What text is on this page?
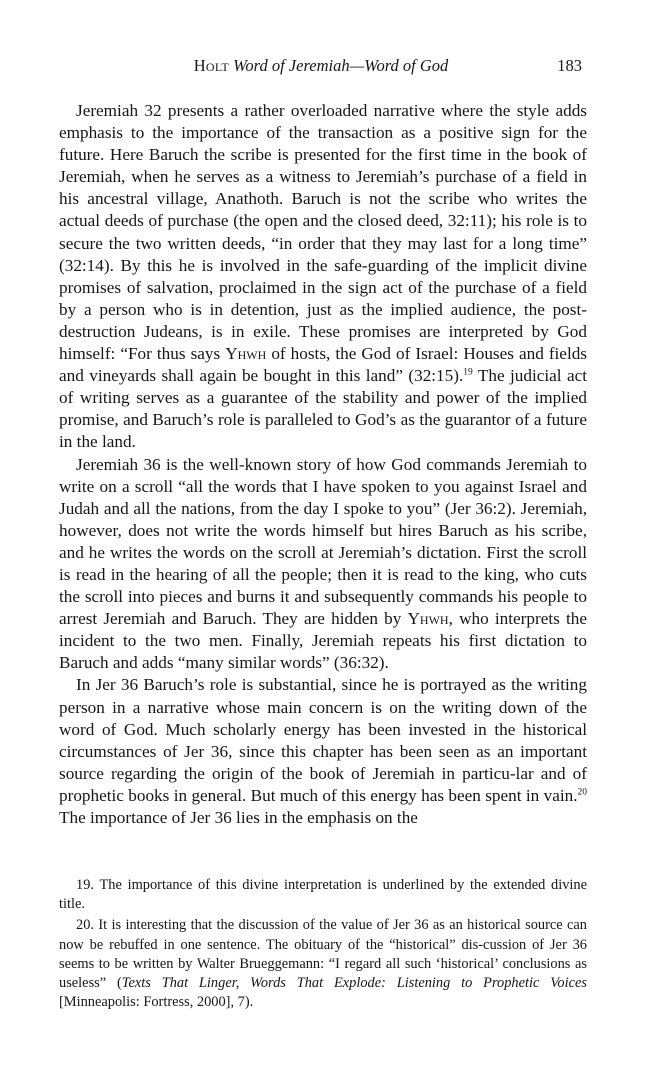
Holt Word of Jeremiah—Word of God	183

Jeremiah 32 presents a rather overloaded narrative where the style adds emphasis to the importance of the transaction as a positive sign for the future. Here Baruch the scribe is presented for the first time in the book of Jeremiah, when he serves as a witness to Jeremiah’s purchase of a field in his ancestral village, Anathoth. Baruch is not the scribe who writes the actual deeds of purchase (the open and the closed deed, 32:11); his role is to secure the two written deeds, “in order that they may last for a long time” (32:14). By this he is involved in the safe-guarding of the implicit divine promises of salvation, proclaimed in the sign act of the purchase of a field by a person who is in detention, just as the implied audience, the post-destruction Judeans, is in exile. These promises are interpreted by God himself: “For thus says Yhwh of hosts, the God of Israel: Houses and fields and vineyards shall again be bought in this land” (32:15).$^{19}$ The judicial act of writing serves as a guarantee of the stability and power of the implied promise, and Baruch’s role is paralleled to God’s as the guarantor of a future in the land.

Jeremiah 36 is the well-known story of how God commands Jeremiah to write on a scroll “all the words that I have spoken to you against Israel and Judah and all the nations, from the day I spoke to you” (Jer 36:2). Jeremiah, however, does not write the words himself but hires Baruch as his scribe, and he writes the words on the scroll at Jeremiah’s dictation. First the scroll is read in the hearing of all the people; then it is read to the king, who cuts the scroll into pieces and burns it and subsequently commands his people to arrest Jeremiah and Baruch. They are hidden by Yhwh, who interprets the incident to the two men. Finally, Jeremiah repeats his first dictation to Baruch and adds “many similar words” (36:32).

In Jer 36 Baruch’s role is substantial, since he is portrayed as the writing person in a narrative whose main concern is on the writing down of the word of God. Much scholarly energy has been invested in the historical circumstances of Jer 36, since this chapter has been seen as an important source regarding the origin of the book of Jeremiah in particu-lar and of prophetic books in general. But much of this energy has been spent in vain.$^{20}$ The importance of Jer 36 lies in the emphasis on the

19. The importance of this divine interpretation is underlined by the extended divine title.

20. It is interesting that the discussion of the value of Jer 36 as an historical source can now be rebuffed in one sentence. The obituary of the “historical” dis-cussion of Jer 36 seems to be written by Walter Brueggemann: “I regard all such ‘historical’ conclusions as useless” (Texts That Linger, Words That Explode: Listening to Prophetic Voices [Minneapolis: Fortress, 2000], 7).
